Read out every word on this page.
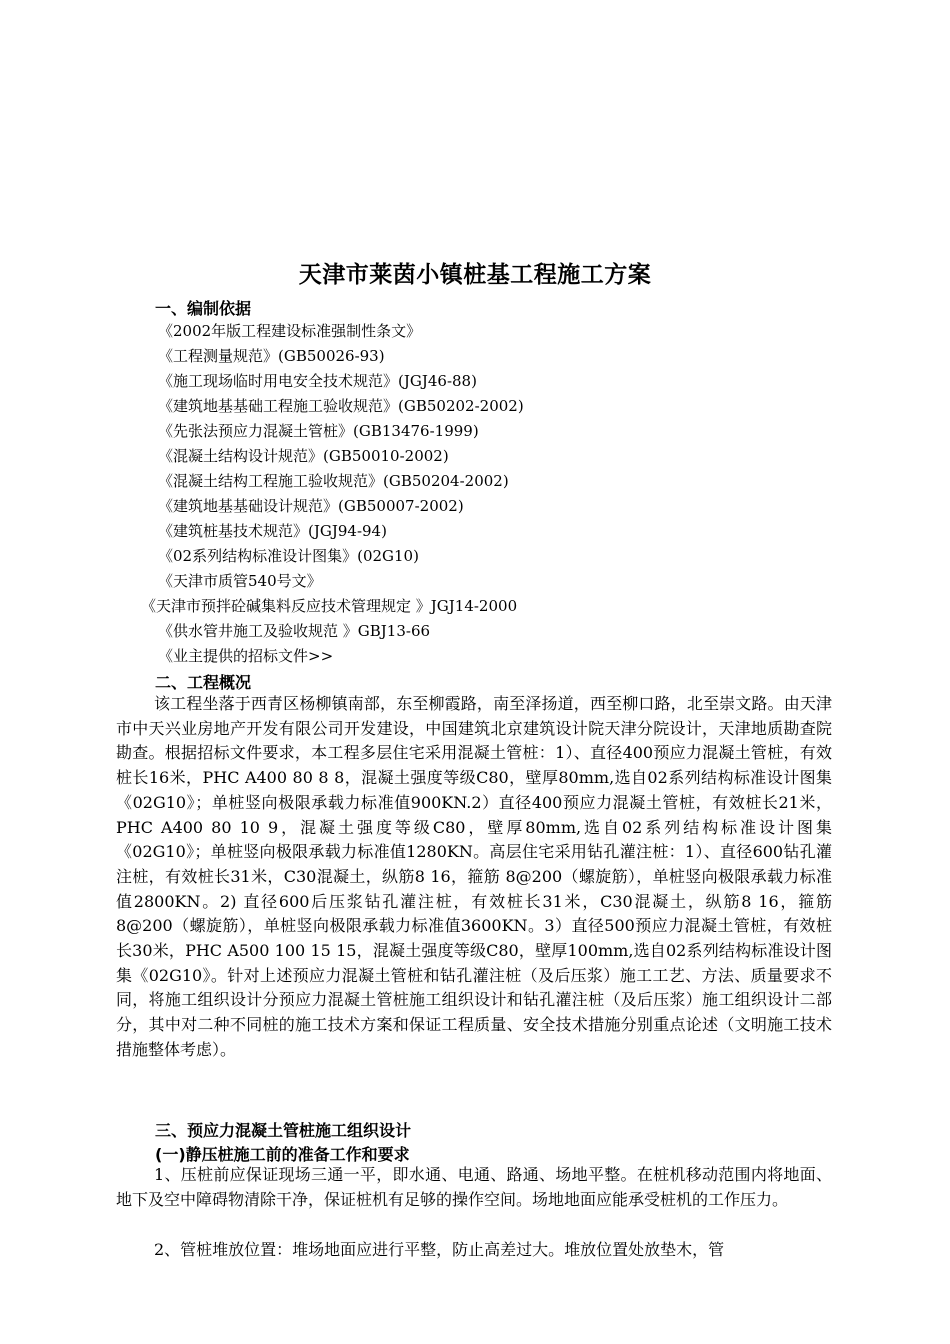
天津市莱茵小镇桩基工程施工方案
一、编制依据
《2002年版工程建设标准强制性条文》
《工程测量规范》(GB50026-93)
《施工现场临时用电安全技术规范》(JGJ46-88)
《建筑地基基础工程施工验收规范》(GB50202-2002)
《先张法预应力混凝土管桩》(GB13476-1999)
《混凝土结构设计规范》(GB50010-2002)
《混凝土结构工程施工验收规范》(GB50204-2002)
《建筑地基基础设计规范》(GB50007-2002)
《建筑桩基技术规范》(JGJ94-94)
《02系列结构标准设计图集》(02G10)
《天津市质管540号文》
《天津市预拌砼碱集料反应技术管理规定 》JGJ14-2000
《供水管井施工及验收规范 》GBJ13-66
《业主提供的招标文件>>
二、工程概况

该工程坐落于西青区杨柳镇南部，东至柳霞路，南至泽扬道，西至柳口路，北至崇文路。由天津市中天兴业房地产开发有限公司开发建设，中国建筑北京建筑设计院天津分院设计，天津地质勘查院勘查。根据招标文件要求，本工程多层住宅采用混凝土管桩：1）、直径400预应力混凝土管桩，有效桩长16米，PHC A400 80 8 8，混凝土强度等级C80，壁厚80mm,选自02系列结构标准设计图集《02G10》；单桩竖向极限承载力标准值900KN.2）直径400预应力混凝土管桩，有效桩长21米，PHC A400 80 10 9，混凝土强度等级C80，壁厚80mm,选自02系列结构标准设计图集《02G10》；单桩竖向极限承载力标准值1280KN。高层住宅采用钻孔灌注桩：1）、直径600钻孔灌注桩，有效桩长31米，C30混凝土，纵筋8 16，箍筋 8@200（螺旋筋），单桩竖向极限承载力标准值2800KN。2) 直径600后压浆钻孔灌注桩，有效桩长31米，C30混凝土，纵筋8 16，箍筋 8@200（螺旋筋），单桩竖向极限承载力标准值3600KN。3）直径500预应力混凝土管桩，有效桩长30米，PHC A500 100 15 15，混凝土强度等级C80，壁厚100mm,选自02系列结构标准设计图集《02G10》。针对上述预应力混凝土管桩和钻孔灌注桩（及后压浆）施工工艺、方法、质量要求不同，将施工组织设计分预应力混凝土管桩施工组织设计和钻孔灌注桩（及后压浆）施工组织设计二部分，其中对二种不同桩的施工技术方案和保证工程质量、安全技术措施分别重点论述（文明施工技术措施整体考虑）。

三、预应力混凝土管桩施工组织设计
(一)静压桩施工前的准备工作和要求

1、压桩前应保证现场三通一平，即水通、电通、路通、场地平整。在桩机移动范围内将地面、地下及空中障碍物清除干净，保证桩机有足够的操作空间。场地地面应能承受桩机的工作压力。

2、管桩堆放位置：堆场地面应进行平整，防止高差过大。堆放位置处放垫木，管
